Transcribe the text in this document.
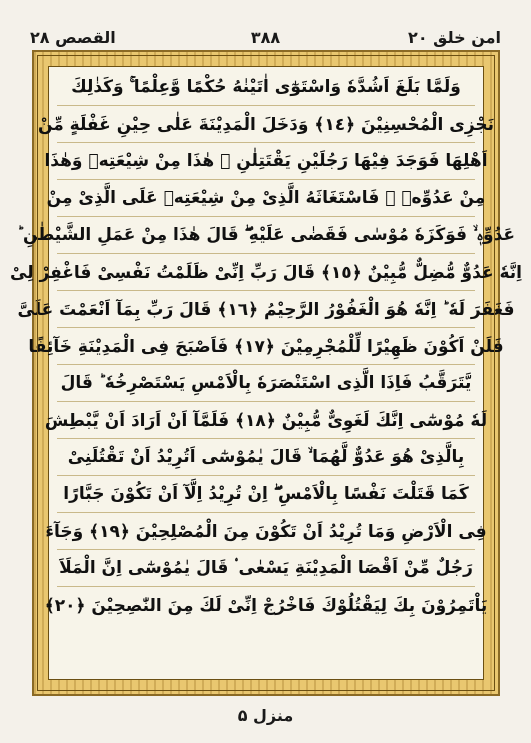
القصص ۲۸	۳۸۸	امن خلق ۲۰
وَلَمَّا بَلَغَ اَشُدَّهٗ وَاسْتَوٰٓى اٰتَيْنٰهُ حُكْمًا وَّعِلْمًا ۚ وَكَذٰلِكَ
نَجْزِى الْمُحْسِنِيْنَ ﴿١٤﴾ وَدَخَلَ الْمَدِيْنَةَ عَلٰى حِيْنِ غَفْلَةٍ مِّنْ
اَهْلِهَا فَوَجَدَ فِيْهَا رَجُلَيْنِ يَقْتَتِلٰنِ ۖ هٰذَا مِنْ شِيْعَتِهٖ وَهٰذَا
مِنْ عَدُوِّهٖ ۚ فَاسْتَغَاثَهُ الَّذِىْ مِنْ شِيْعَتِهٖ عَلَى الَّذِىْ مِنْ
عَدُوِّهٖ ۙ فَوَكَزَهٗ مُوْسٰى فَقَضٰى عَلَيْهِ ۖ قَالَ هٰذَا مِنْ عَمَلِ الشَّيْطٰنِ ؕ
اِنَّهٗ عَدُوٌّ مُّضِلٌّ مُّبِيْنٌ ﴿١٥﴾ قَالَ رَبِّ اِنِّىْ ظَلَمْتُ نَفْسِىْ فَاغْفِرْ لِىْ
فَغَفَرَ لَهٗ ؕ اِنَّهٗ هُوَ الْغَفُوْرُ الرَّحِيْمُ ﴿١٦﴾ قَالَ رَبِّ بِمَآ اَنْعَمْتَ عَلَىَّ
فَلَنْ اَكُوْنَ ظَهِيْرًا لِّلْمُجْرِمِيْنَ ﴿١٧﴾ فَاَصْبَحَ فِى الْمَدِيْنَةِ خَآئِفًا
يَّتَرَقَّبُ فَاِذَا الَّذِى اسْتَنْصَرَهٗ بِالْاَمْسِ يَسْتَصْرِخُهٗ ؕ قَالَ
لَهٗ مُوْسٰٓى اِنَّكَ لَغَوِىٌّ مُّبِيْنٌ ﴿١٨﴾ فَلَمَّآ اَنْ اَرَادَ اَنْ يَّبْطِشَ
بِالَّذِىْ هُوَ عَدُوٌّ لَّهُمَا ۙ قَالَ يٰمُوْسٰٓى اَتُرِيْدُ اَنْ تَقْتُلَنِىْ
كَمَا قَتَلْتَ نَفْسًا بِالْاَمْسِ ۖ اِنْ تُرِيْدُ اِلَّآ اَنْ تَكُوْنَ جَبَّارًا
فِى الْاَرْضِ وَمَا تُرِيْدُ اَنْ تَكُوْنَ مِنَ الْمُصْلِحِيْنَ ﴿١٩﴾ وَجَآءَ
رَجُلٌ مِّنْ اَقْصَا الْمَدِيْنَةِ يَسْعٰى ۟ قَالَ يٰمُوْسٰٓى اِنَّ الْمَلَاَ
يَاْتَمِرُوْنَ بِكَ لِيَقْتُلُوْكَ فَاخْرُجْ اِنِّىْ لَكَ مِنَ النّٰصِحِيْنَ ﴿٢٠﴾
منزل ۵
